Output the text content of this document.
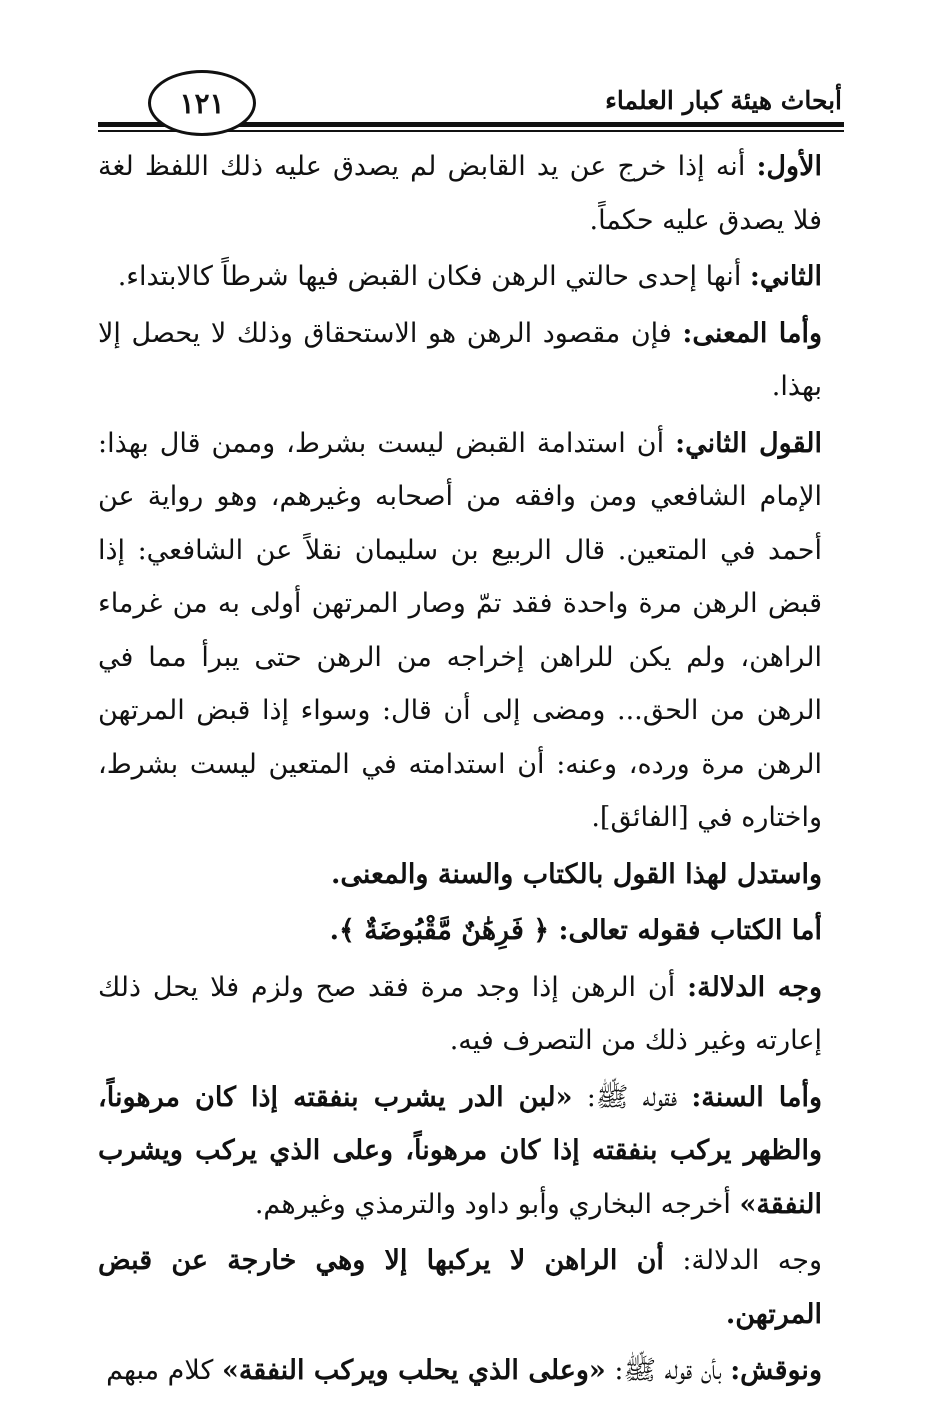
أبحاث هيئة كبار العلماء
١٢١

الأول: أنه إذا خرج عن يد القابض لم يصدق عليه ذلك اللفظ لغة فلا يصدق عليه حكماً.

الثاني: أنها إحدى حالتي الرهن فكان القبض فيها شرطاً كالابتداء.

وأما المعنى: فإن مقصود الرهن هو الاستحقاق وذلك لا يحصل إلا بهذا.

القول الثاني: أن استدامة القبض ليست بشرط، وممن قال بهذا: الإمام الشافعي ومن وافقه من أصحابه وغيرهم، وهو رواية عن أحمد في المتعين. قال الربيع بن سليمان نقلاً عن الشافعي: إذا قبض الرهن مرة واحدة فقد تمّ وصار المرتهن أولى به من غرماء الراهن، ولم يكن للراهن إخراجه من الرهن حتى يبرأ مما في الرهن من الحق... ومضى إلى أن قال: وسواء إذا قبض المرتهن الرهن مرة ورده، وعنه: أن استدامته في المتعين ليست بشرط، واختاره في [الفائق].

واستدل لهذا القول بالكتاب والسنة والمعنى.

أما الكتاب فقوله تعالى: ﴿ فَرِهَٰنٌ مَّقْبُوضَةٌ ﴾.

وجه الدلالة: أن الرهن إذا وجد مرة فقد صح ولزم فلا يحل ذلك إعارته وغير ذلك من التصرف فيه.

وأما السنة: فقوله ﷺ: «لبن الدر يشرب بنفقته إذا كان مرهوناً، والظهر يركب بنفقته إذا كان مرهوناً، وعلى الذي يركب ويشرب النفقة» أخرجه البخاري وأبو داود والترمذي وغيرهم.

وجه الدلالة: أن الراهن لا يركبها إلا وهي خارجة عن قبض المرتهن.

ونوقش: بأن قوله ﷺ: «وعلى الذي يحلب ويركب النفقة» كلام مبهم
